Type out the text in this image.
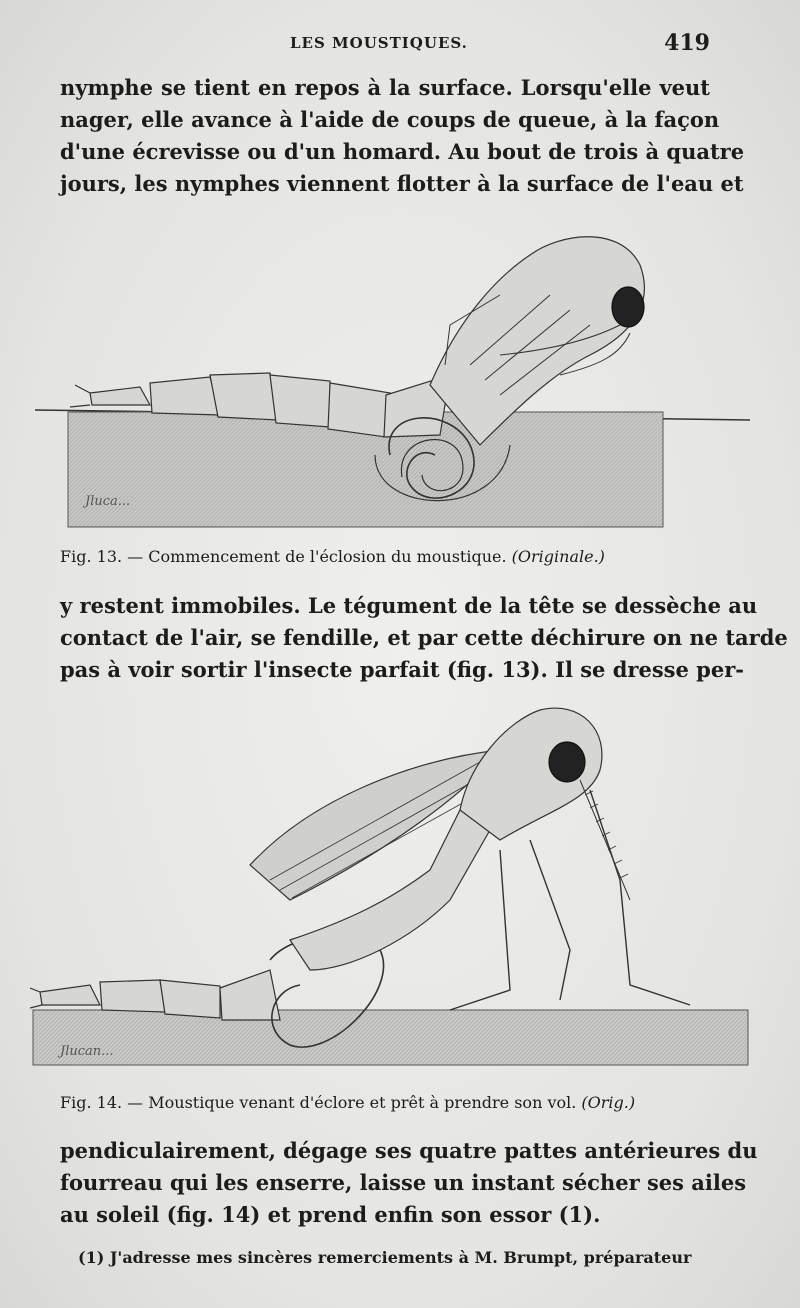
LES MOUSTIQUES.	419

nymphe se tient en repos à la surface. Lorsqu'elle veut
nager, elle avance à l'aide de coups de queue, à la façon
d'une écrevisse ou d'un homard. Au bout de trois à quatre
jours, les nymphes viennent flotter à la surface de l'eau et

Jluca...
Fig. 13. — Commencement de l'éclosion du moustique. (Originale.)

y restent immobiles. Le tégument de la tête se dessèche au
contact de l'air, se fendille, et par cette déchirure on ne tarde
pas à voir sortir l'insecte parfait (fig. 13). Il se dresse per-

Jlucan...
Fig. 14. — Moustique venant d'éclore et prêt à prendre son vol. (Orig.)

pendiculairement, dégage ses quatre pattes antérieures du
fourreau qui les enserre, laisse un instant sécher ses ailes
au soleil (fig. 14) et prend enfin son essor (1).

(1) J'adresse mes sincères remerciements à M. Brumpt, préparateur
